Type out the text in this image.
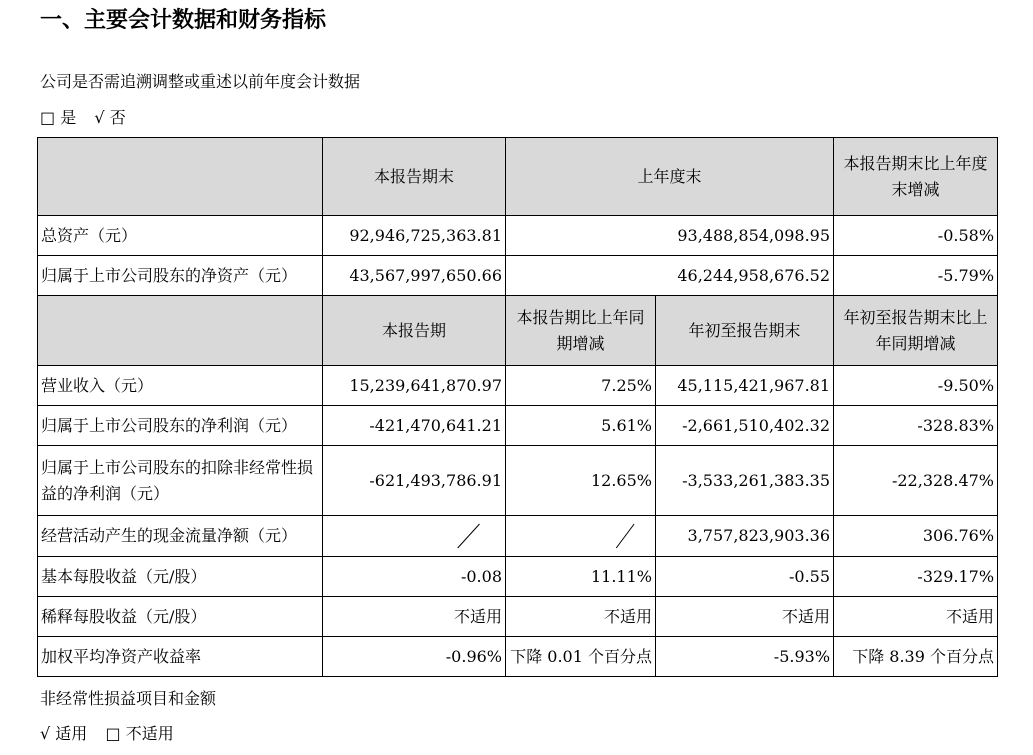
一、主要会计数据和财务指标
公司是否需追溯调整或重述以前年度会计数据
□ 是 √ 否
	本报告期末	上年度末		本报告期末比上年度末增减
总资产（元）	92,946,725,363.81	93,488,854,098.95		-0.58%
归属于上市公司股东的净资产（元）	43,567,997,650.66	46,244,958,676.52		-5.79%
	本报告期	本报告期比上年同期增减	年初至报告期末	年初至报告期末比上年同期增减
营业收入（元）	15,239,641,870.97	7.25%	45,115,421,967.81	-9.50%
归属于上市公司股东的净利润（元）	-421,470,641.21	5.61%	-2,661,510,402.32	-328.83%
归属于上市公司股东的扣除非经常性损益的净利润（元）	-621,493,786.91	12.65%	-3,533,261,383.35	-22,328.47%
经营活动产生的现金流量净额（元）			3,757,823,903.36	306.76%
基本每股收益（元/股）	-0.08	11.11%	-0.55	-329.17%
稀释每股收益（元/股）	不适用	不适用	不适用	不适用
加权平均净资产收益率	-0.96%	下降 0.01 个百分点	-5.93%	下降 8.39 个百分点
非经常性损益项目和金额
√ 适用 □ 不适用
